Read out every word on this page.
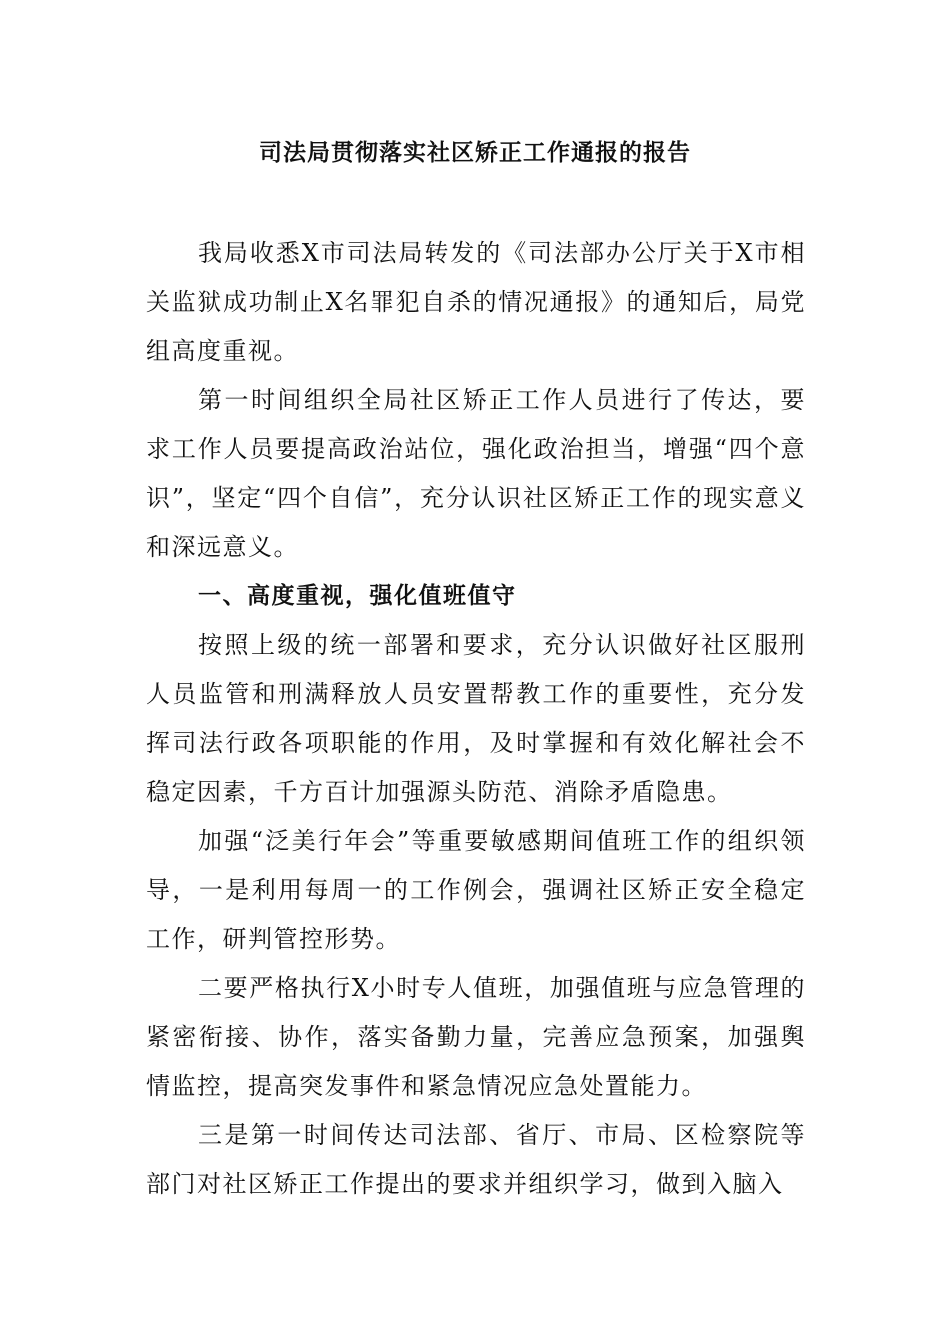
司法局贯彻落实社区矫正工作通报的报告

我局收悉X市司法局转发的《司法部办公厅关于X市相关监狱成功制止X名罪犯自杀的情况通报》的通知后，局党组高度重视。

第一时间组织全局社区矫正工作人员进行了传达，要求工作人员要提高政治站位，强化政治担当，增强“四个意识”，坚定“四个自信”，充分认识社区矫正工作的现实意义和深远意义。

一、高度重视，强化值班值守

按照上级的统一部署和要求，充分认识做好社区服刑人员监管和刑满释放人员安置帮教工作的重要性，充分发挥司法行政各项职能的作用，及时掌握和有效化解社会不稳定因素，千方百计加强源头防范、消除矛盾隐患。

加强“泛美行年会”等重要敏感期间值班工作的组织领导，一是利用每周一的工作例会，强调社区矫正安全稳定工作，研判管控形势。

二要严格执行X小时专人值班，加强值班与应急管理的紧密衔接、协作，落实备勤力量，完善应急预案，加强舆情监控，提高突发事件和紧急情况应急处置能力。

三是第一时间传达司法部、省厅、市局、区检察院等部门对社区矫正工作提出的要求并组织学习，做到入脑入
